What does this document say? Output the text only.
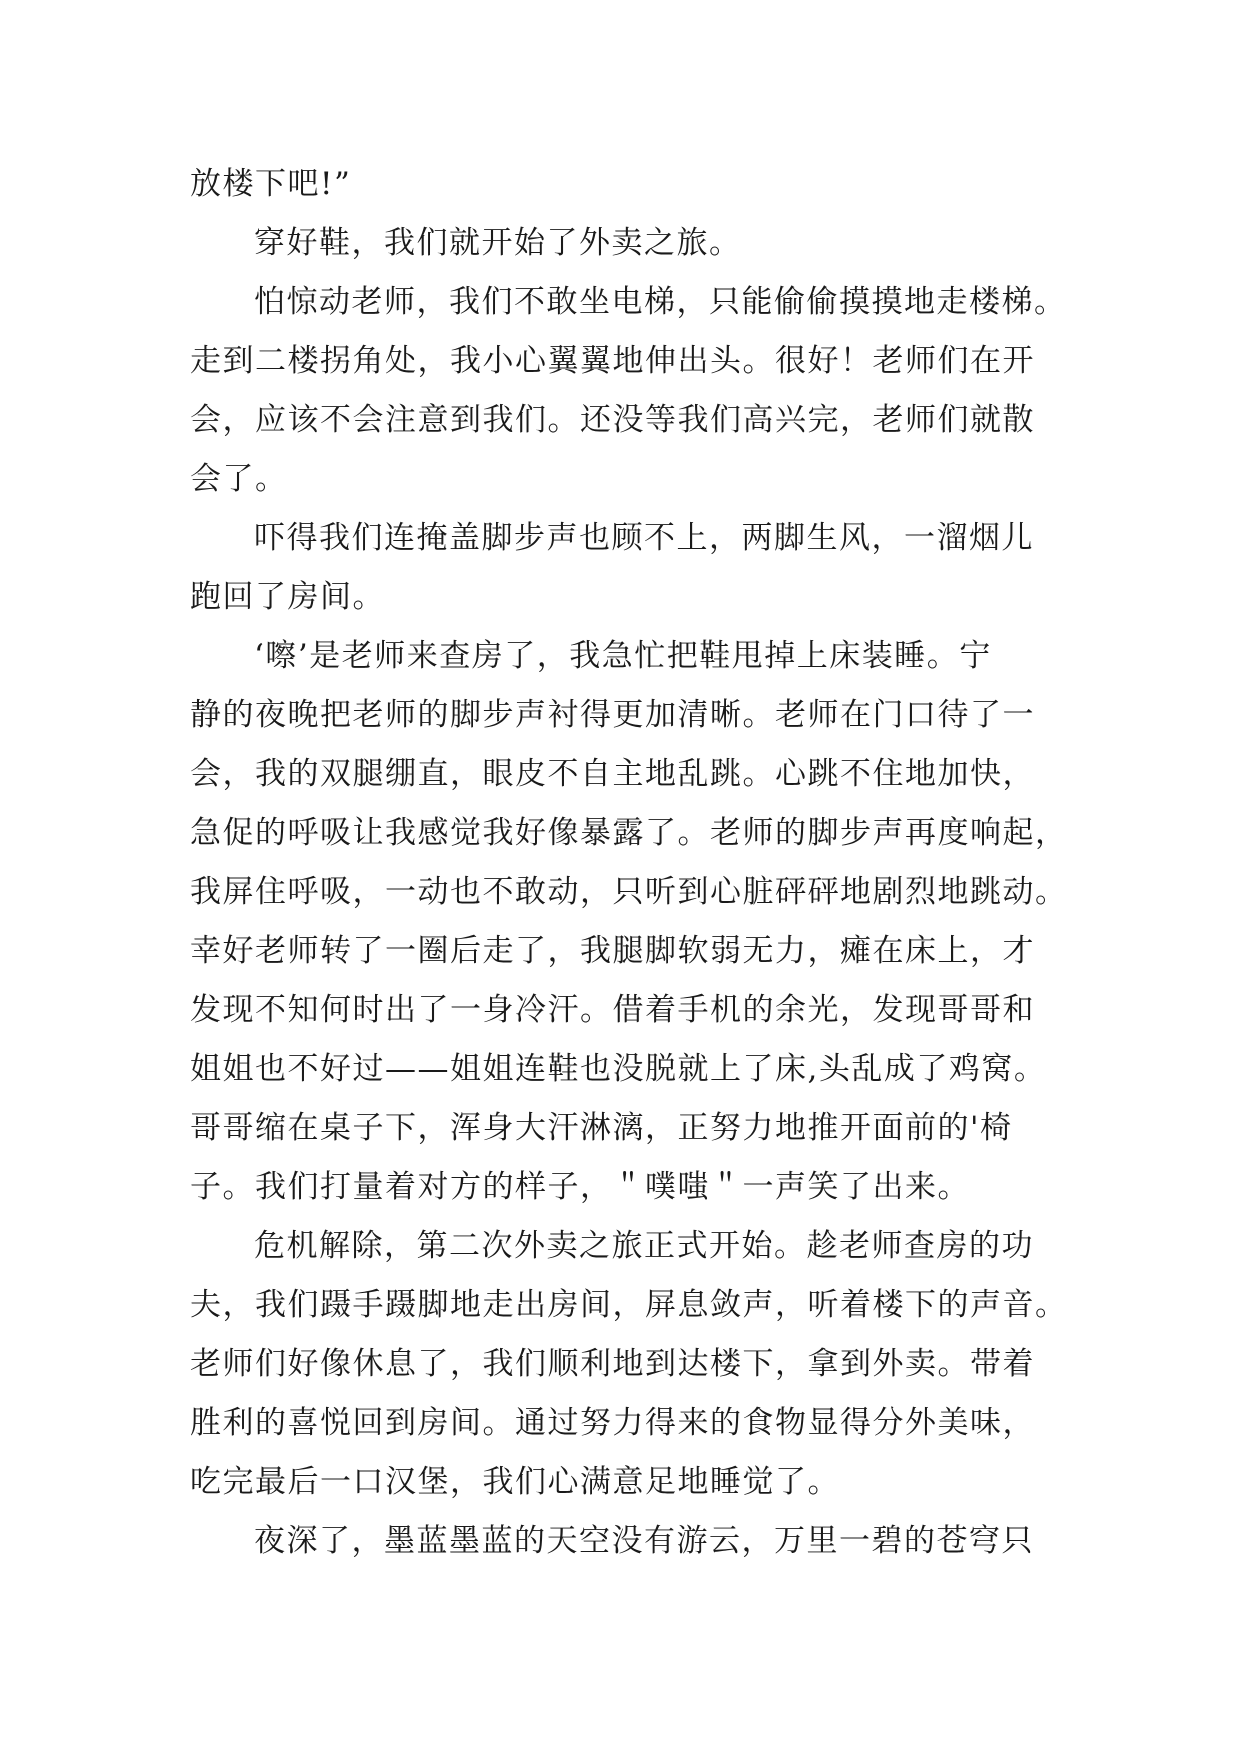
放楼下吧!”
穿好鞋，我们就开始了外卖之旅。
怕惊动老师，我们不敢坐电梯，只能偷偷摸摸地走楼梯。
走到二楼拐角处，我小心翼翼地伸出头。很好！老师们在开
会，应该不会注意到我们。还没等我们高兴完，老师们就散
会了。
吓得我们连掩盖脚步声也顾不上，两脚生风，一溜烟儿
跑回了房间。
‘嚓’是老师来查房了，我急忙把鞋甩掉上床装睡。宁
静的夜晚把老师的脚步声衬得更加清晰。老师在门口待了一
会，我的双腿绷直，眼皮不自主地乱跳。心跳不住地加快，
急促的呼吸让我感觉我好像暴露了。老师的脚步声再度响起，
我屏住呼吸，一动也不敢动，只听到心脏砰砰地剧烈地跳动。
幸好老师转了一圈后走了，我腿脚软弱无力，瘫在床上，才
发现不知何时出了一身冷汗。借着手机的余光，发现哥哥和
姐姐也不好过——姐姐连鞋也没脱就上了床,头乱成了鸡窝。
哥哥缩在桌子下，浑身大汗淋漓，正努力地推开面前的'椅
子。我们打量着对方的样子，＂噗嗤＂一声笑了出来。
危机解除，第二次外卖之旅正式开始。趁老师查房的功
夫，我们蹑手蹑脚地走出房间，屏息敛声，听着楼下的声音。
老师们好像休息了，我们顺利地到达楼下，拿到外卖。带着
胜利的喜悦回到房间。通过努力得来的食物显得分外美味，
吃完最后一口汉堡，我们心满意足地睡觉了。
夜深了，墨蓝墨蓝的天空没有游云，万里一碧的苍穹只
